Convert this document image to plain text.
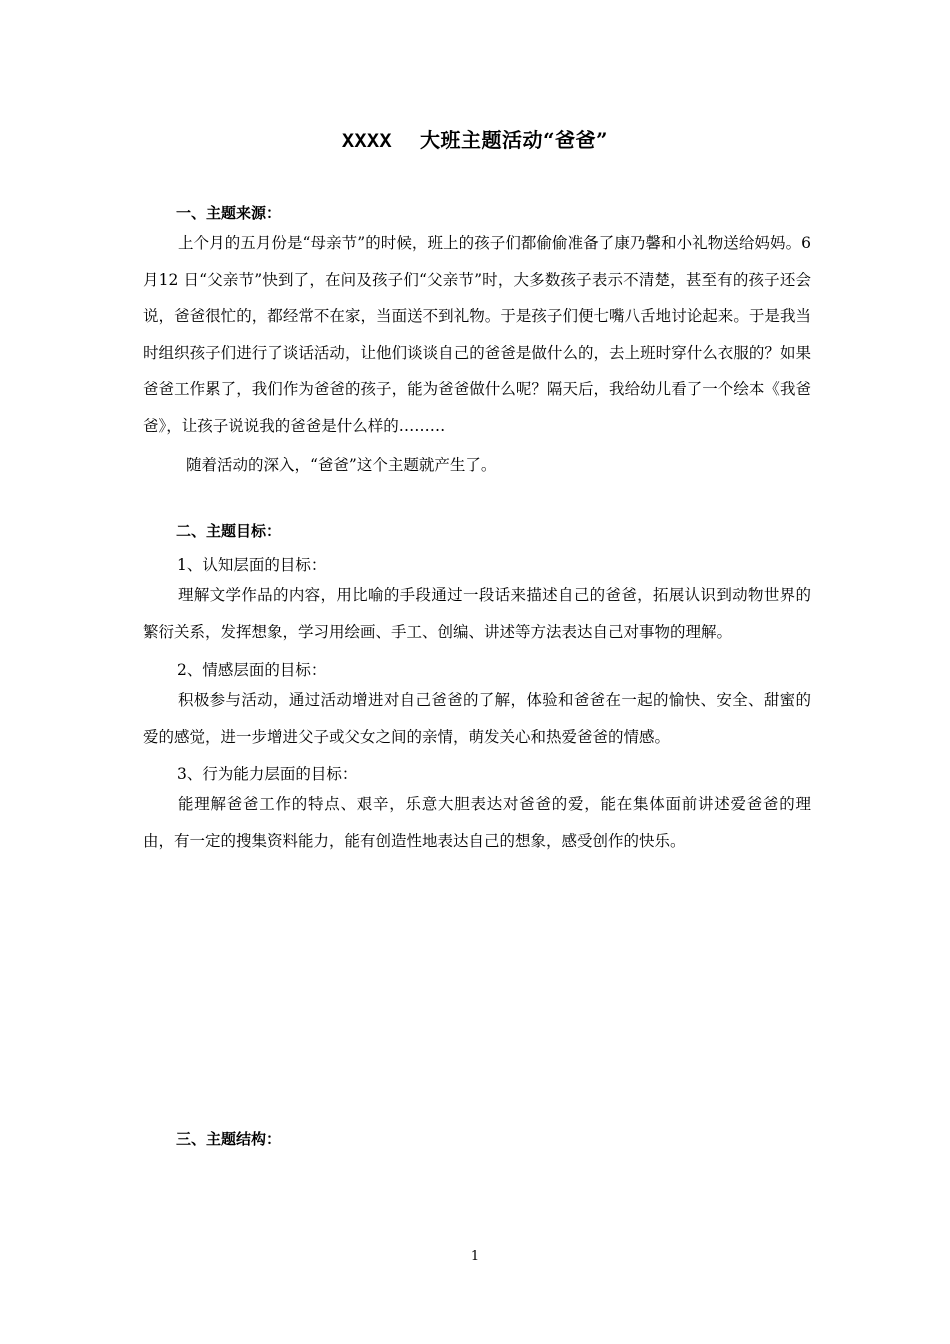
XXXX 大班主题活动“爸爸”
一、主题来源：
上个月的五月份是“母亲节”的时候，班上的孩子们都偷偷准备了康乃馨和小礼物送给妈妈。6月12 日“父亲节”快到了，在问及孩子们“父亲节”时，大多数孩子表示不清楚，甚至有的孩子还会说，爸爸很忙的，都经常不在家，当面送不到礼物。于是孩子们便七嘴八舌地讨论起来。于是我当时组织孩子们进行了谈话活动，让他们谈谈自己的爸爸是做什么的，去上班时穿什么衣服的？如果爸爸工作累了，我们作为爸爸的孩子，能为爸爸做什么呢？隔天后，我给幼儿看了一个绘本《我爸爸》，让孩子说说我的爸爸是什么样的………
随着活动的深入，“爸爸”这个主题就产生了。
二、主题目标：
1、认知层面的目标：
理解文学作品的内容，用比喻的手段通过一段话来描述自己的爸爸，拓展认识到动物世界的繁衍关系，发挥想象，学习用绘画、手工、创编、讲述等方法表达自己对事物的理解。
2、情感层面的目标：
积极参与活动，通过活动增进对自己爸爸的了解，体验和爸爸在一起的愉快、安全、甜蜜的爱的感觉，进一步增进父子或父女之间的亲情，萌发关心和热爱爸爸的情感。
3、行为能力层面的目标：
能理解爸爸工作的特点、艰辛，乐意大胆表达对爸爸的爱，能在集体面前讲述爱爸爸的理由，有一定的搜集资料能力，能有创造性地表达自己的想象，感受创作的快乐。
三、主题结构：
1
